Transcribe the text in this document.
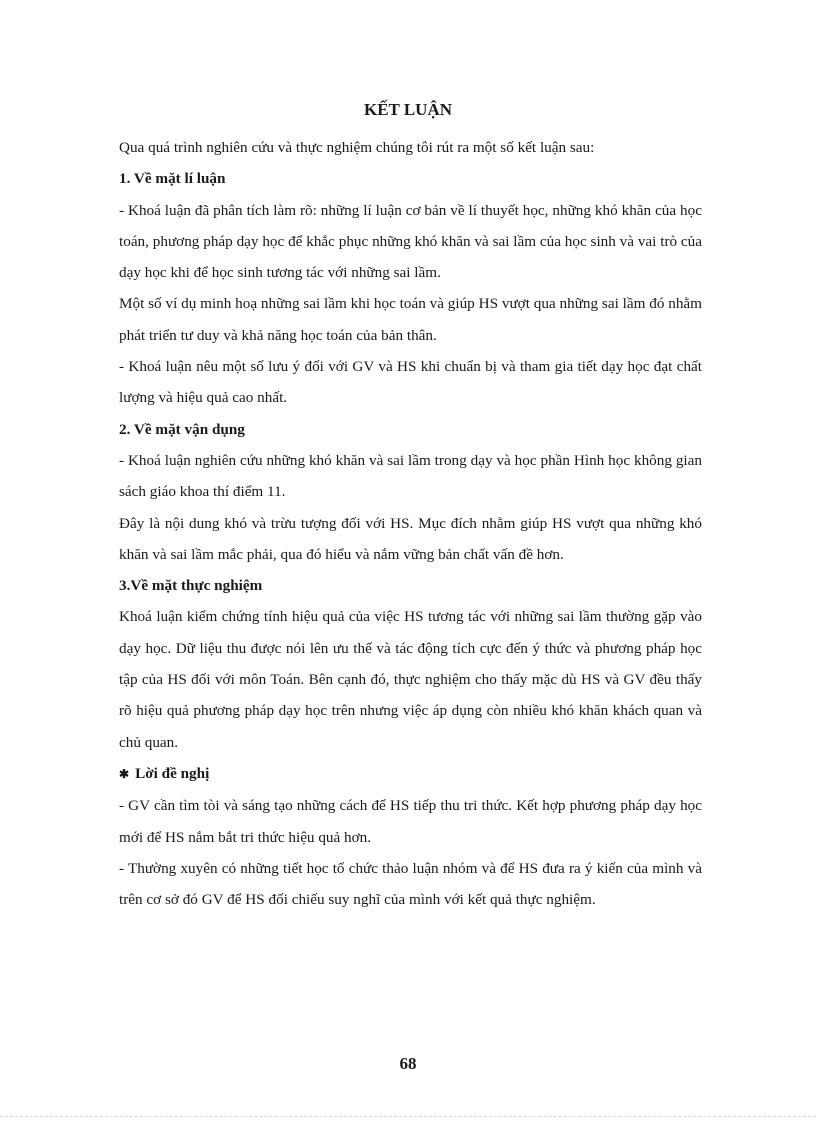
KẾT LUẬN

Qua quá trình nghiên cứu và thực nghiệm chúng tôi rút ra một số kết luận sau:

1. Về mặt lí luận

- Khoá luận đã phân tích làm rõ: những lí luận cơ bản về lí thuyết học, những khó khăn của học toán, phương pháp dạy học để khắc phục những khó khăn và sai lầm của học sinh và vai trò của dạy học khi để học sinh tương tác với những sai lầm.

Một số ví dụ minh hoạ những sai lầm khi học toán và giúp HS vượt qua những sai lầm đó nhằm phát triển tư duy và khả năng học toán của bản thân.

- Khoá luận nêu một số lưu ý đối với GV và HS khi chuẩn bị và tham gia tiết dạy học đạt chất lượng và hiệu quả cao nhất.

2. Về mặt vận dụng

- Khoá luận nghiên cứu những khó khăn và sai lầm trong dạy và học phần Hình học không gian sách giáo khoa thí điểm 11.

Đây là nội dung khó và trừu tượng đối với HS. Mục đích nhằm giúp HS vượt qua những khó khăn và sai lầm mắc phải, qua đó hiểu và nắm vững bản chất vấn đề hơn.

3.Về mặt thực nghiệm

Khoá luận kiểm chứng tính hiệu quả của việc HS tương tác với những sai lầm thường gặp vào dạy học. Dữ liệu thu được nói lên ưu thế và tác động tích cực đến ý thức và phương pháp học tập của HS đối với môn Toán. Bên cạnh đó, thực nghiệm cho thấy mặc dù HS và GV đều thấy rõ hiệu quả phương pháp dạy học trên nhưng việc áp dụng còn nhiều khó khăn khách quan và chủ quan.

✱ Lời đề nghị

- GV cần tìm tòi và sáng tạo những cách để HS tiếp thu tri thức. Kết hợp phương pháp dạy học mới để HS nắm bắt tri thức hiệu quả hơn.

- Thường xuyên có những tiết học tổ chức thảo luận nhóm và để HS đưa ra ý kiến của mình và trên cơ sở đó GV để HS đối chiếu suy nghĩ của mình với kết quả thực nghiệm.

68
